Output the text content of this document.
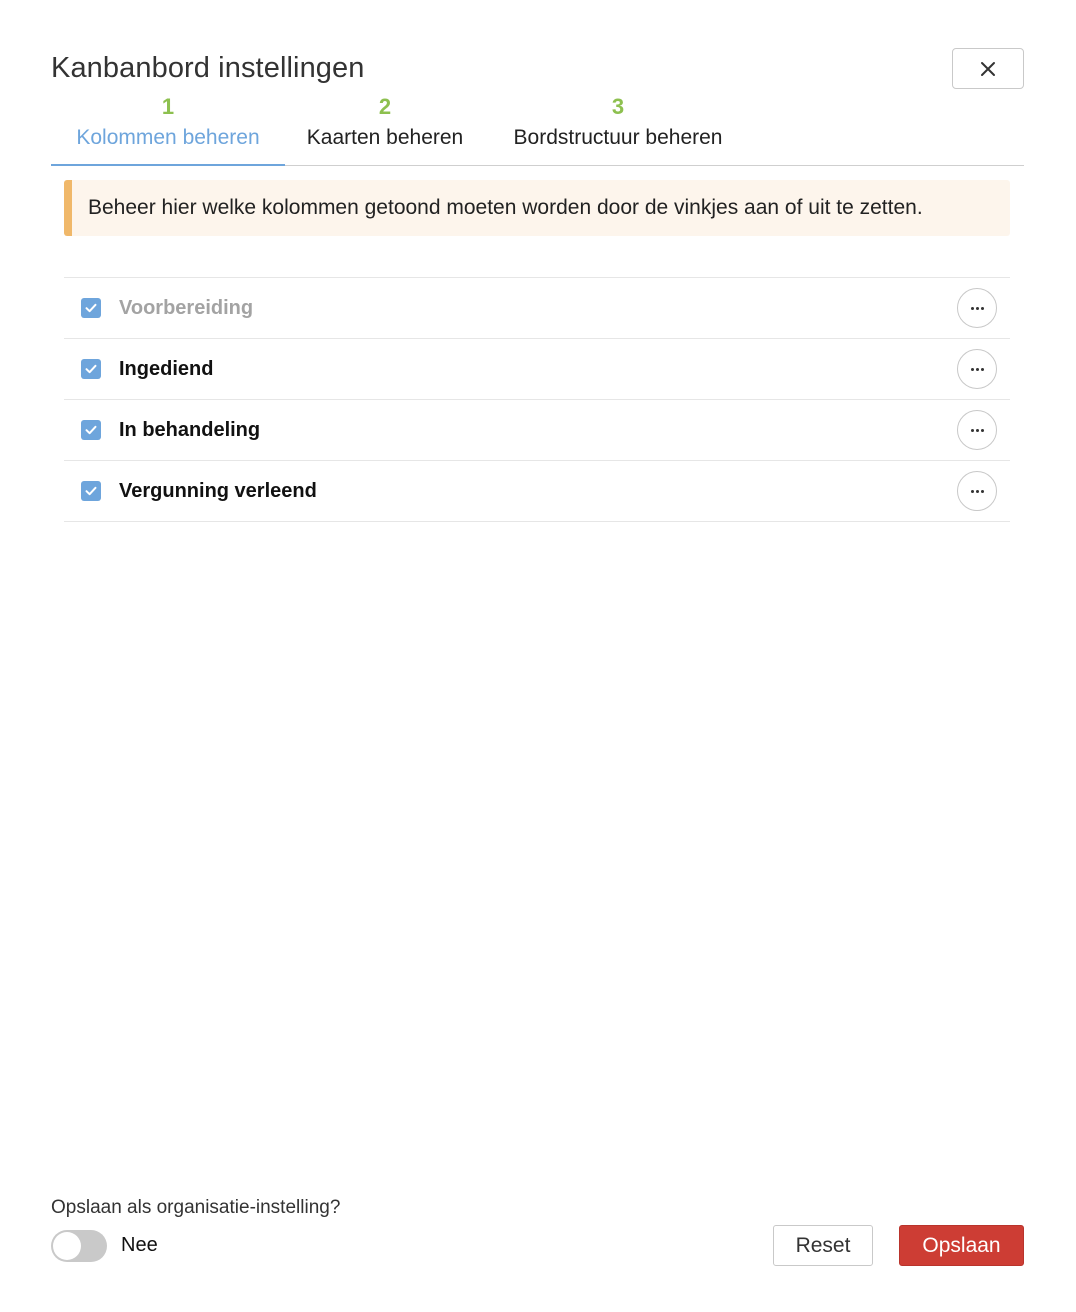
Kanbanbord instellingen
1
Kolommen beheren
2
Kaarten beheren
3
Bordstructuur beheren
Beheer hier welke kolommen getoond moeten worden door de vinkjes aan of uit te zetten.
Voorbereiding
Ingediend
In behandeling
Vergunning verleend
Opslaan als organisatie-instelling?
Nee	Reset	Opslaan
